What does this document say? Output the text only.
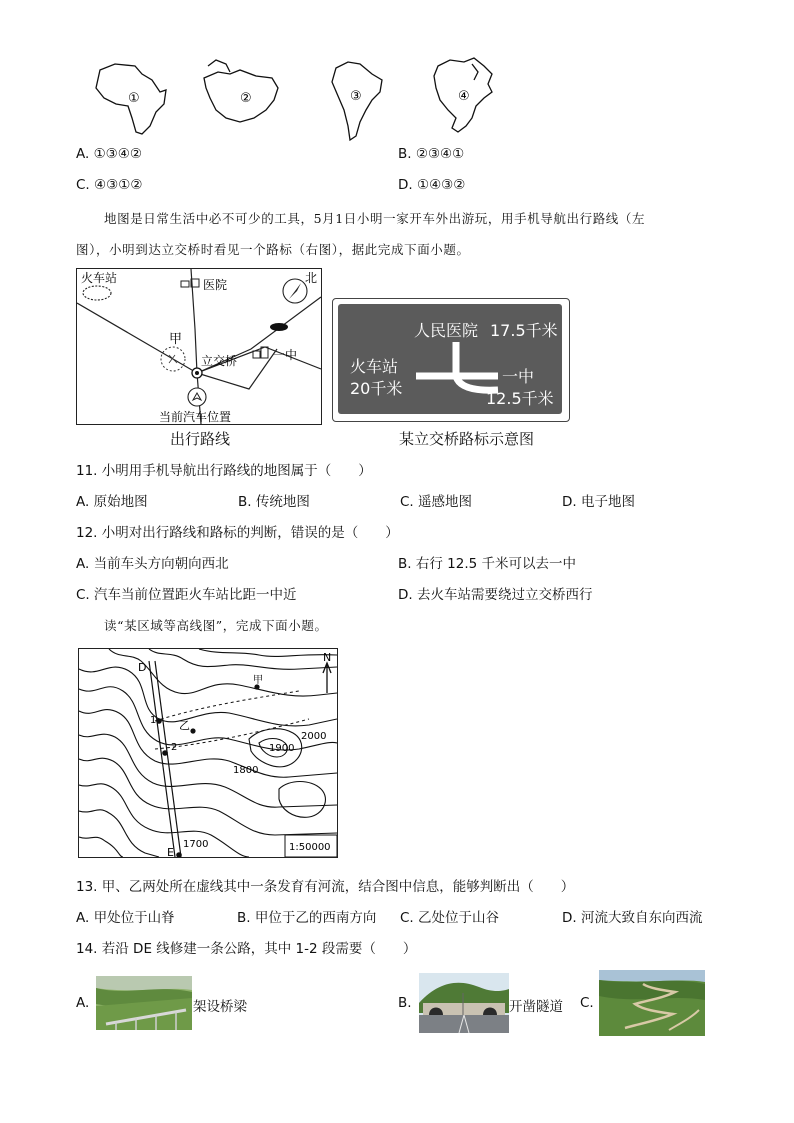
①	②	③	④
A. ①③④②	B. ②③④①
C. ④③①②	D. ①④③②
地图是日常生活中必不可少的工具，5月1日小明一家开车外出游玩，用手机导航出行路线（左
图），小明到达立交桥时看见一个路标（右图），据此完成下面小题。
火车站	医院	北
甲
立交桥	一中
当前汽车位置
出行路线
人民医院 17.5千米
火车站
20千米
一中
12.5千米
某立交桥路标示意图
11. 小明用手机导航出行路线的地图属于（　　）
A. 原始地图	B. 传统地图	C. 遥感地图	D. 电子地图
12. 小明对出行路线和路标的判断，错误的是（　　）
A. 当前车头方向朝向西北	B. 右行 12.5 千米可以去一中
C. 汽车当前位置距火车站比距一中近	D. 去火车站需要绕过立交桥西行
读“某区域等高线图”，完成下面小题。
N
D
E
1
2
甲
乙
2000
1900
1800
1700	1:50000
13. 甲、乙两处所在虚线其中一条发育有河流，结合图中信息，能够判断出（　　）
A. 甲处位于山脊	B. 甲位于乙的西南方向 C. 乙处位于山谷	D. 河流大致自东向西流
14. 若沿 DE 线修建一条公路，其中 1-2 段需要（　　）
A.	架设桥梁	B.	开凿隧道 C.
